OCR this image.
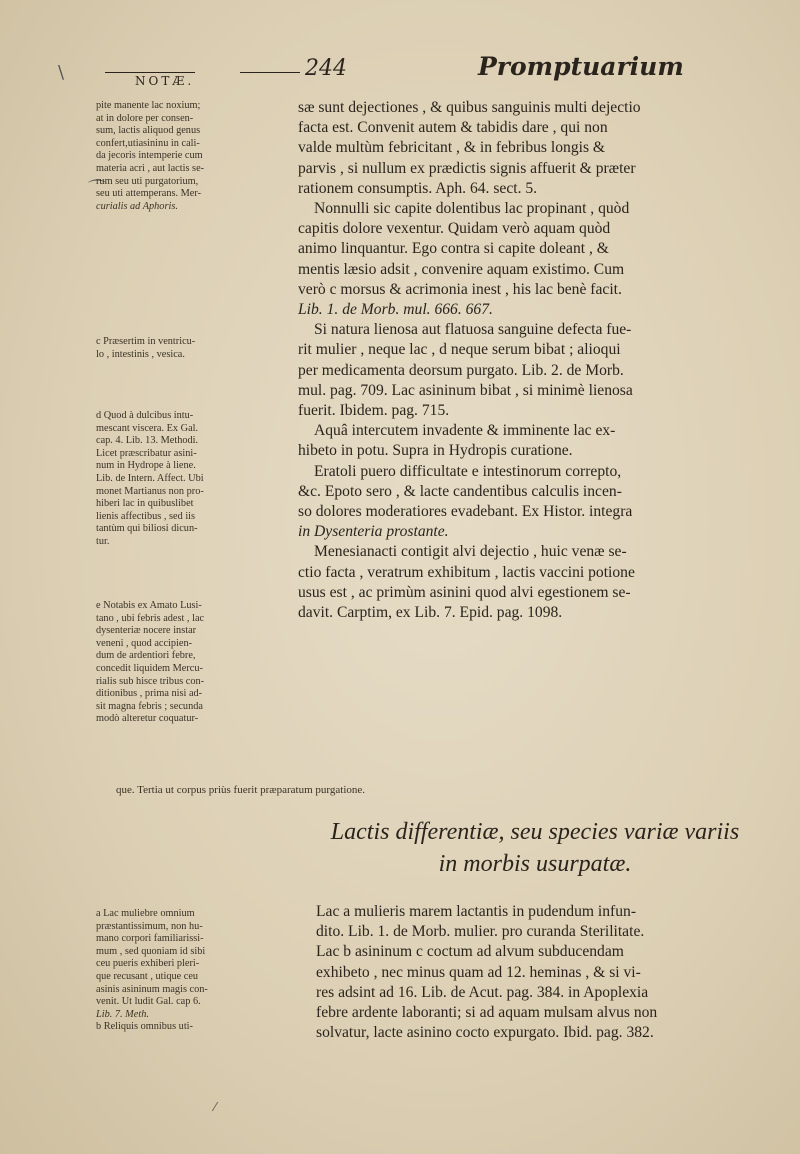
\
⌒
NOTÆ.	244	Promptuarium

pite manente lac noxium;

at in dolore per consen-

sum, lactis aliquod genus

confert,utiasininu in cali-

da jecoris intemperie cum

materia acri , aut lactis se-

rum seu uti purgatorium,

seu uti attemperans. Mer-

curialis ad Aphoris.

c Præsertim in ventricu-

lo , intestinis , vesica.

d Quod à dulcibus intu-

mescant viscera. Ex Gal.

cap. 4. Lib. 13. Methodi.

Licet præscribatur asini-

num in Hydrope à liene.

Lib. de Intern. Affect. Ubi

monet Martianus non pro-

hiberi lac in quibuslibet

lienis affectibus , sed iis

tantùm qui biliosi dicun-

tur.

e Notabis ex Amato Lusi-

tano , ubi febris adest , lac

dysenteriæ nocere instar

veneni , quod accipien-

dum de ardentiori febre,

concedit liquidem Mercu-

rialis sub hisce tribus con-

ditionibus , prima nisi ad-

sit magna febris ; secunda

modò alteretur coquatur-

que. Tertia ut corpus priùs fuerit præparatum purgatione.

a Lac muliebre omnium

præstantissimum, non hu-

mano corpori familiarissi-

mum , sed quoniam id sibi

ceu pueris exhiberi pleri-

que recusant , utique ceu

asinis asininum magis con-

venit. Ut ludit Gal. cap 6.

Lib. 7. Meth.

b Reliquis omnibus uti-

sæ sunt dejectiones , & quibus sanguinis multi dejectio

facta est. Convenit autem & tabidis dare , qui non

valde multùm febricitant , & in febribus longis &

parvis , si nullum ex prædictis signis affuerit & præter

rationem consumptis. Aph. 64. sect. 5.

Nonnulli sic capite dolentibus lac propinant , quòd

capitis dolore vexentur. Quidam verò aquam quòd

animo linquantur. Ego contra si capite doleant , &

mentis læsio adsit , convenire aquam existimo. Cum

verò c morsus & acrimonia inest , his lac benè facit.

Lib. 1. de Morb. mul. 666. 667.

Si natura lienosa aut flatuosa sanguine defecta fue-

rit mulier , neque lac , d neque serum bibat ; alioqui

per medicamenta deorsum purgato. Lib. 2. de Morb.

mul. pag. 709. Lac asininum bibat , si minimè lienosa

fuerit. Ibidem. pag. 715.

Aquâ intercutem invadente & imminente lac ex-

hibeto in potu. Supra in Hydropis curatione.

Eratoli puero difficultate e intestinorum correpto,

&c. Epoto sero , & lacte candentibus calculis incen-

so dolores moderatiores evadebant. Ex Histor. integra

in Dysenteria prostante.

Menesianacti contigit alvi dejectio , huic venæ se-

ctio facta , veratrum exhibitum , lactis vaccini potione

usus est , ac primùm asinini quod alvi egestionem se-

davit. Carptim, ex Lib. 7. Epid. pag. 1098.

Lactis differentiæ, seu species variæ variis
in morbis usurpatæ.

Lac a mulieris marem lactantis in pudendum infun-

dito. Lib. 1. de Morb. mulier. pro curanda Sterilitate.

Lac b asininum c coctum ad alvum subducendam

exhibeto , nec minus quam ad 12. heminas , & si vi-

res adsint ad 16. Lib. de Acut. pag. 384. in Apoplexia

febre ardente laboranti; si ad aquam mulsam alvus non

solvatur, lacte asinino cocto expurgato. Ibid. pag. 382.

⁄
